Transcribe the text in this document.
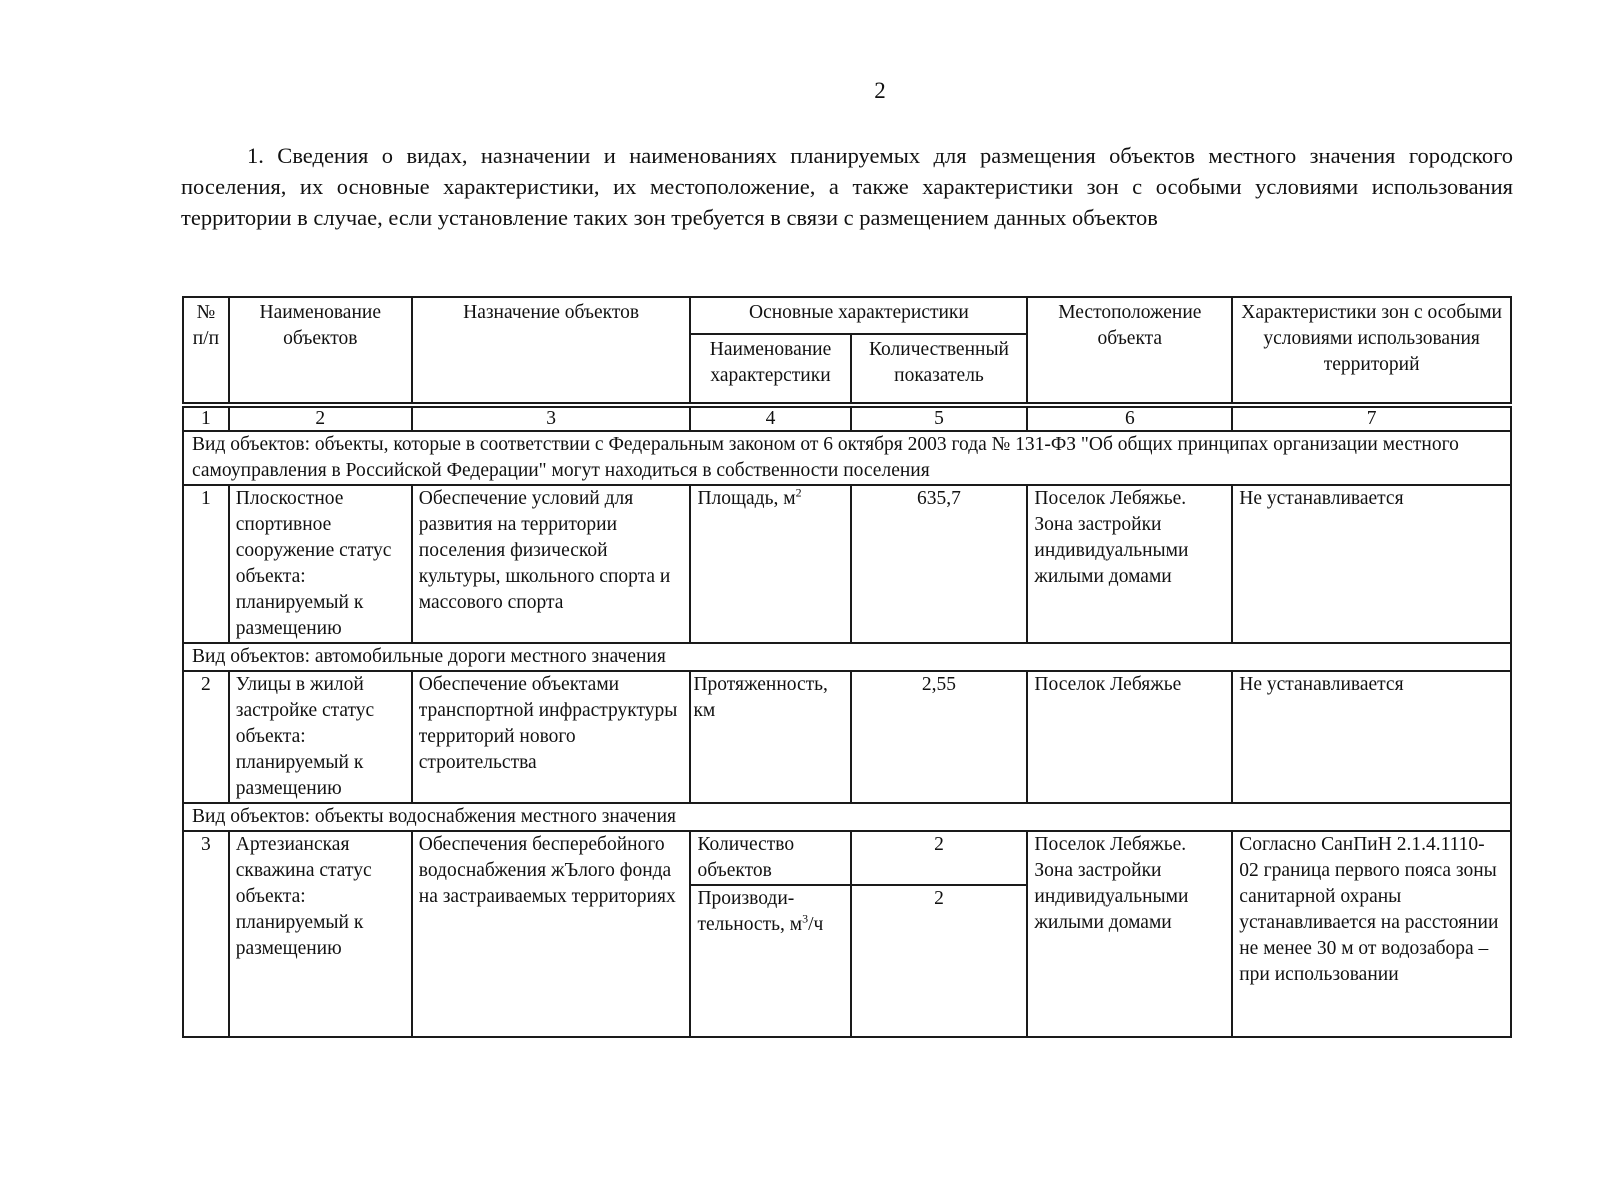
2
1. Сведения о видах, назначении и наименованиях планируемых для размещения объектов местного значения городского поселения, их основные характеристики, их местоположение, а также характеристики зон с особыми условиями использования территории в случае, если установление таких зон требуется в связи с размещением данных объектов
№ п/п	Наименование объектов	Назначение объектов	Основные характеристики		Местоположение объекта	Характеристики зон с особыми условиями использования территорий
			Наименование характерстики	Количественный показатель		

1	2	3	4	5	6	7
Вид объектов: объекты, которые в соответствии с Федеральным законом от 6 октября 2003 года № 131-ФЗ "Об общих принципах организации местного самоуправления в Российской Федерации" могут находиться в собственности поселения						
1	Плоскостное спортивное сооружение статус объекта: планируемый к размещению	Обеспечение условий для развития на территории поселения физической культуры, школьного спорта и массового спорта	Площадь, $м^2$	635,7	Поселок Лебяжье. Зона застройки индивидуальными жилыми домами	Не устанавливается
Вид объектов: автомобильные дороги местного значения						
2	Улицы в жилой застройке статус объекта: планируемый к размещению	Обеспечение объектами транспортной инфраструктуры территорий нового строительства	Протяженность, км	2,55	Поселок Лебяжье	Не устанавливается
Вид объектов: объекты водоснабжения местного значения						
3	Артезианская скважина статус объекта: планируемый к размещению	Обеспечения бесперебойного водоснабжения жЪлого фонда на застраиваемых территориях	Количество объектов	2	Поселок Лебяжье. Зона застройки индивидуальными жилыми домами	Согласно СанПиН 2.1.4.1110-02 граница первого пояса зоны санитарной охраны устанавливается на расстоянии не менее 30 м от водозабора – при использовании
			Производи- тельность, $м^3/ч$	2		
